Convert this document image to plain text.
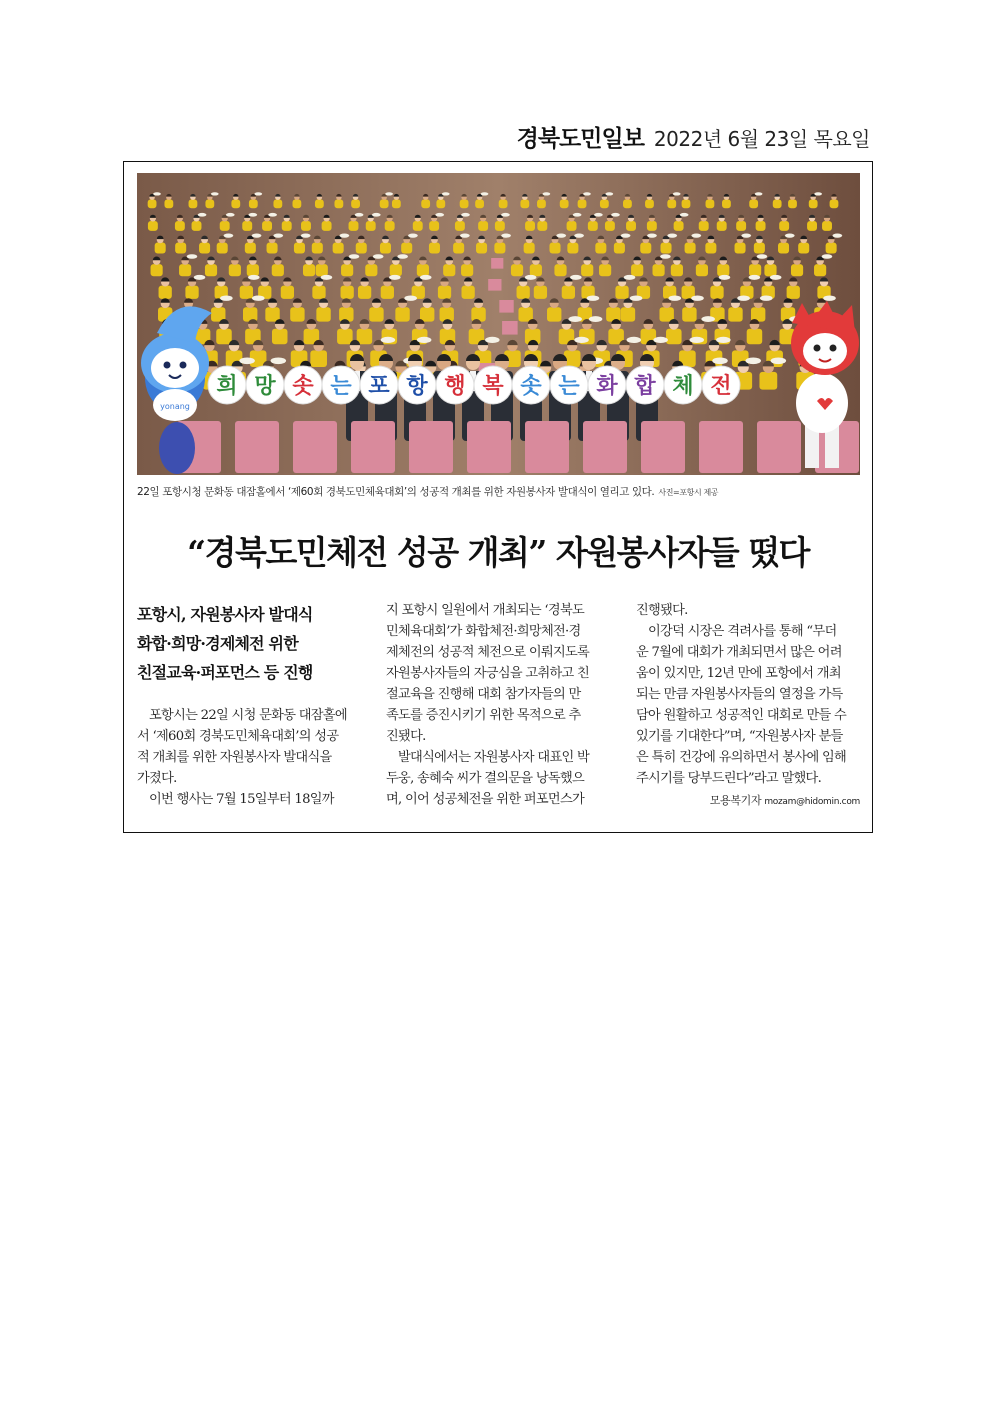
경북도민일보 2022년 6월 23일 목요일
희 망 솟 는 포 항 행 복 솟 는 화 합 체 전
yonang
22일 포항시청 문화동 대잠홀에서 ‘제60회 경북도민체육대회’의 성공적 개최를 위한 자원봉사자 발대식이 열리고 있다. 사진=포항시 제공
“경북도민체전 성공 개최” 자원봉사자들 떴다
포항시, 자원봉사자 발대식
화합·희망·경제체전 위한
친절교육·퍼포먼스 등 진행
포항시는 22일 시청 문화동 대잠홀에
서 ‘제60회 경북도민체육대회’의 성공
적 개최를 위한 자원봉사자 발대식을
가졌다.
이번 행사는 7월 15일부터 18일까
지 포항시 일원에서 개최되는 ‘경북도
민체육대회’가 화합체전·희망체전·경
제체전의 성공적 체전으로 이뤄지도록
자원봉사자들의 자긍심을 고취하고 친
절교육을 진행해 대회 참가자들의 만
족도를 증진시키기 위한 목적으로 추
진됐다.
발대식에서는 자원봉사자 대표인 박
두웅, 송혜숙 씨가 결의문을 낭독했으
며, 이어 성공체전을 위한 퍼포먼스가
진행됐다.
이강덕 시장은 격려사를 통해 “무더
운 7월에 대회가 개최되면서 많은 어려
움이 있지만, 12년 만에 포항에서 개최
되는 만큼 자원봉사자들의 열정을 가득
담아 원활하고 성공적인 대회로 만들 수
있기를 기대한다”며, “자원봉사자 분들
은 특히 건강에 유의하면서 봉사에 임해
주시기를 당부드린다”라고 말했다.
모용복기자 mozam@hidomin.com
